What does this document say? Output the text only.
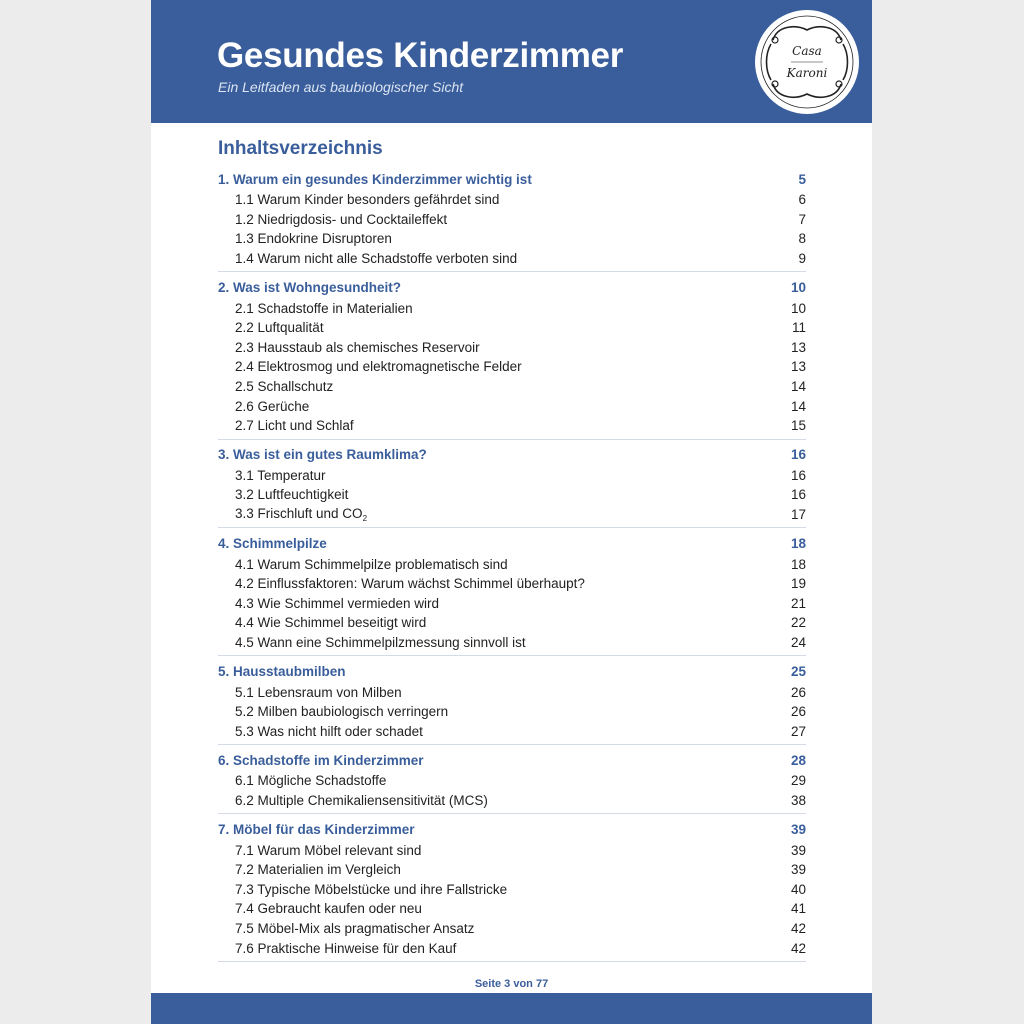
Gesundes Kinderzimmer
Ein Leitfaden aus baubiologischer Sicht
Casa
Karoni
Inhaltsverzeichnis
1. Warum ein gesundes Kinderzimmer wichtig ist	5
1.1 Warum Kinder besonders gefährdet sind	6
1.2 Niedrigdosis- und Cocktaileffekt	7
1.3 Endokrine Disruptoren	8
1.4 Warum nicht alle Schadstoffe verboten sind	9
2. Was ist Wohngesundheit?	10
2.1 Schadstoffe in Materialien	10
2.2 Luftqualität	11
2.3 Hausstaub als chemisches Reservoir	13
2.4 Elektrosmog und elektromagnetische Felder	13
2.5 Schallschutz	14
2.6 Gerüche	14
2.7 Licht und Schlaf	15
3. Was ist ein gutes Raumklima?	16
3.1 Temperatur	16
3.2 Luftfeuchtigkeit	16
3.3 Frischluft und $CO_2$	17
4. Schimmelpilze	18
4.1 Warum Schimmelpilze problematisch sind	18
4.2 Einflussfaktoren: Warum wächst Schimmel überhaupt?	19
4.3 Wie Schimmel vermieden wird	21
4.4 Wie Schimmel beseitigt wird	22
4.5 Wann eine Schimmelpilzmessung sinnvoll ist	24
5. Hausstaubmilben	25
5.1 Lebensraum von Milben	26
5.2 Milben baubiologisch verringern	26
5.3 Was nicht hilft oder schadet	27
6. Schadstoffe im Kinderzimmer	28
6.1 Mögliche Schadstoffe	29
6.2 Multiple Chemikaliensensitivität (MCS)	38
7. Möbel für das Kinderzimmer	39
7.1 Warum Möbel relevant sind	39
7.2 Materialien im Vergleich	39
7.3 Typische Möbelstücke und ihre Fallstricke	40
7.4 Gebraucht kaufen oder neu	41
7.5 Möbel-Mix als pragmatischer Ansatz	42
7.6 Praktische Hinweise für den Kauf	42
Seite 3 von 77
